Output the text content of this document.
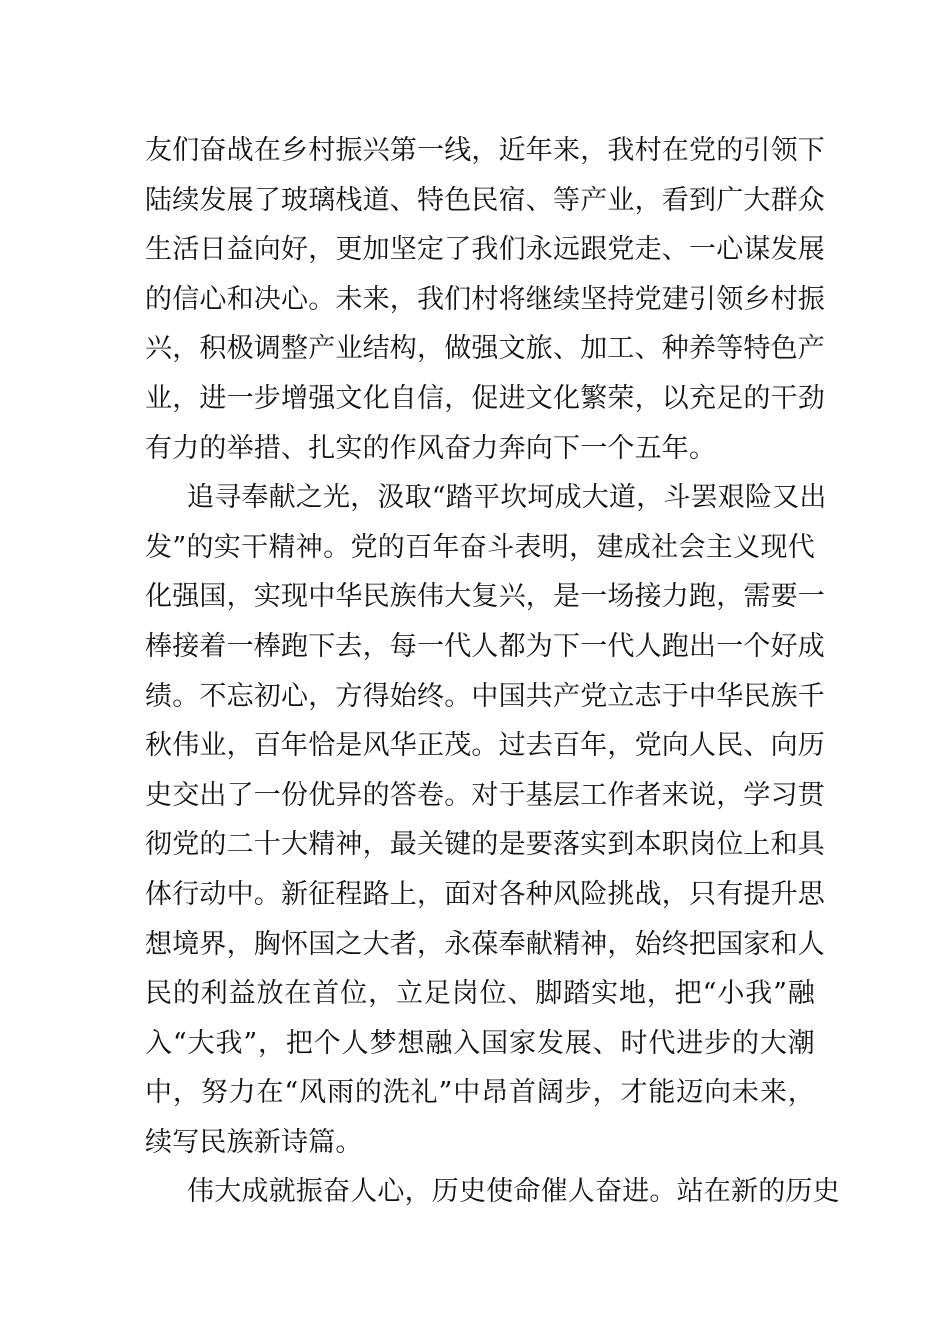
友们奋战在乡村振兴第一线，近年来，我村在党的引领下
陆续发展了玻璃栈道、特色民宿、等产业，看到广大群众
生活日益向好，更加坚定了我们永远跟党走、一心谋发展
的信心和决心。未来，我们村将继续坚持党建引领乡村振
兴，积极调整产业结构，做强文旅、加工、种养等特色产
业，进一步增强文化自信，促进文化繁荣，以充足的干劲
有力的举措、扎实的作风奋力奔向下一个五年。
追寻奉献之光，汲取“踏平坎坷成大道，斗罢艰险又出
发”的实干精神。党的百年奋斗表明，建成社会主义现代
化强国，实现中华民族伟大复兴，是一场接力跑，需要一
棒接着一棒跑下去，每一代人都为下一代人跑出一个好成
绩。不忘初心，方得始终。中国共产党立志于中华民族千
秋伟业，百年恰是风华正茂。过去百年，党向人民、向历
史交出了一份优异的答卷。对于基层工作者来说，学习贯
彻党的二十大精神，最关键的是要落实到本职岗位上和具
体行动中。新征程路上，面对各种风险挑战，只有提升思
想境界，胸怀国之大者，永葆奉献精神，始终把国家和人
民的利益放在首位，立足岗位、脚踏实地，把“小我”融
入“大我”，把个人梦想融入国家发展、时代进步的大潮
中，努力在“风雨的洗礼”中昂首阔步，才能迈向未来，
续写民族新诗篇。
伟大成就振奋人心，历史使命催人奋进。站在新的历史
